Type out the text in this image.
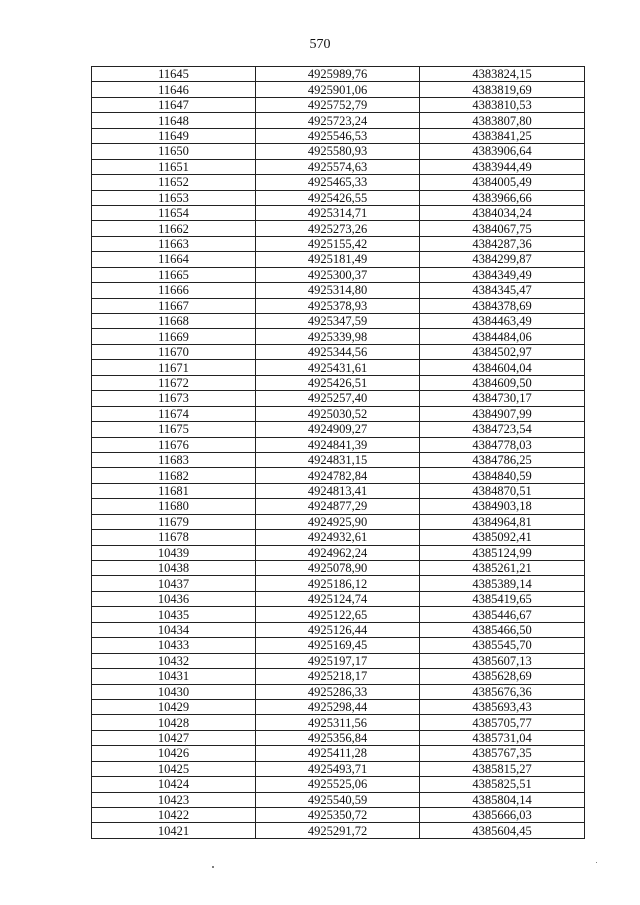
570
11645	4925989,76	4383824,15
11646	4925901,06	4383819,69
11647	4925752,79	4383810,53
11648	4925723,24	4383807,80
11649	4925546,53	4383841,25
11650	4925580,93	4383906,64
11651	4925574,63	4383944,49
11652	4925465,33	4384005,49
11653	4925426,55	4383966,66
11654	4925314,71	4384034,24
11662	4925273,26	4384067,75
11663	4925155,42	4384287,36
11664	4925181,49	4384299,87
11665	4925300,37	4384349,49
11666	4925314,80	4384345,47
11667	4925378,93	4384378,69
11668	4925347,59	4384463,49
11669	4925339,98	4384484,06
11670	4925344,56	4384502,97
11671	4925431,61	4384604,04
11672	4925426,51	4384609,50
11673	4925257,40	4384730,17
11674	4925030,52	4384907,99
11675	4924909,27	4384723,54
11676	4924841,39	4384778,03
11683	4924831,15	4384786,25
11682	4924782,84	4384840,59
11681	4924813,41	4384870,51
11680	4924877,29	4384903,18
11679	4924925,90	4384964,81
11678	4924932,61	4385092,41
10439	4924962,24	4385124,99
10438	4925078,90	4385261,21
10437	4925186,12	4385389,14
10436	4925124,74	4385419,65
10435	4925122,65	4385446,67
10434	4925126,44	4385466,50
10433	4925169,45	4385545,70
10432	4925197,17	4385607,13
10431	4925218,17	4385628,69
10430	4925286,33	4385676,36
10429	4925298,44	4385693,43
10428	4925311,56	4385705,77
10427	4925356,84	4385731,04
10426	4925411,28	4385767,35
10425	4925493,71	4385815,27
10424	4925525,06	4385825,51
10423	4925540,59	4385804,14
10422	4925350,72	4385666,03
10421	4925291,72	4385604,45
